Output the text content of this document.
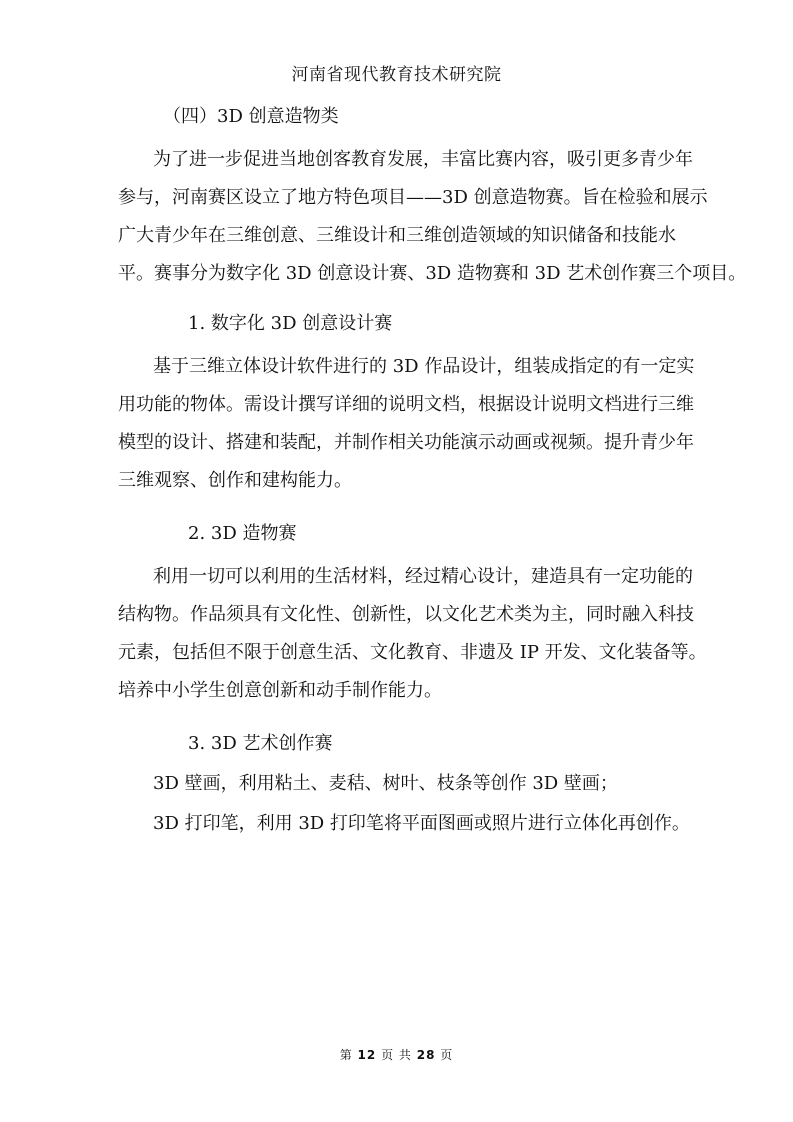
河南省现代教育技术研究院
（四）3D 创意造物类
为了进一步促进当地创客教育发展，丰富比赛内容，吸引更多青少年
参与，河南赛区设立了地方特色项目——3D 创意造物赛。旨在检验和展示
广大青少年在三维创意、三维设计和三维创造领域的知识储备和技能水
平。赛事分为数字化 3D 创意设计赛、3D 造物赛和 3D 艺术创作赛三个项目。
1. 数字化 3D 创意设计赛
基于三维立体设计软件进行的 3D 作品设计，组装成指定的有一定实
用功能的物体。需设计撰写详细的说明文档，根据设计说明文档进行三维
模型的设计、搭建和装配，并制作相关功能演示动画或视频。提升青少年
三维观察、创作和建构能力。
2. 3D 造物赛
利用一切可以利用的生活材料，经过精心设计，建造具有一定功能的
结构物。作品须具有文化性、创新性，以文化艺术类为主，同时融入科技
元素，包括但不限于创意生活、文化教育、非遗及 IP 开发、文化装备等。
培养中小学生创意创新和动手制作能力。
3. 3D 艺术创作赛
3D 壁画，利用粘土、麦秸、树叶、枝条等创作 3D 壁画；
3D 打印笔，利用 3D 打印笔将平面图画或照片进行立体化再创作。
第 12 页 共 28 页
